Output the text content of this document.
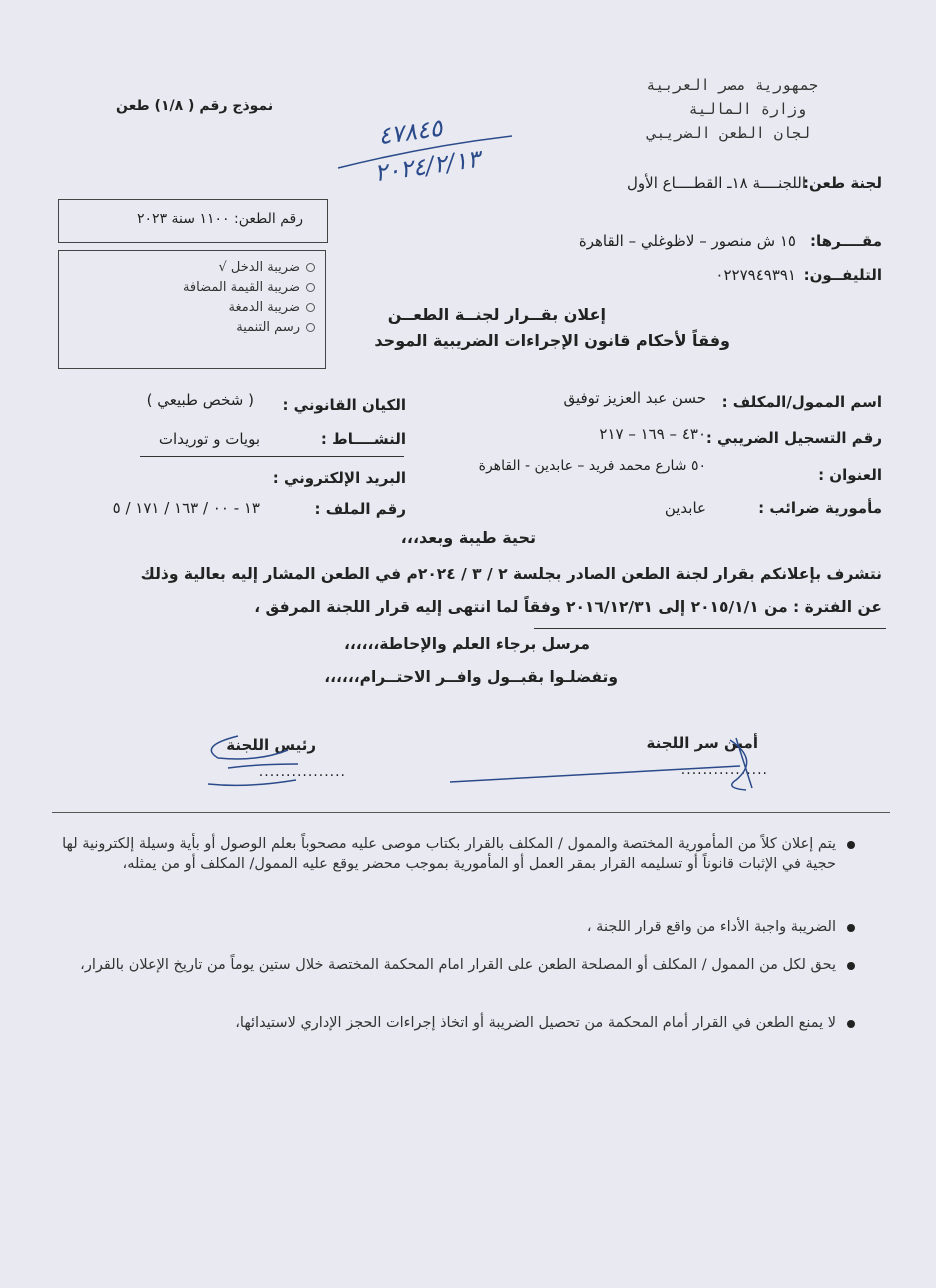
جمهورية مصر العربية
وزارة المالية
لجان الطعن الضريبي
نموذج رقم ( ١/٨) طعن
٤٧٨٤٥
٢٠٢٤/٢/١٣	لجنة طعن:
اللجنــــة ١٨ـ القطــــاع الأول
مقــــرها:
١٥ ش منصور – لاظوغلي – القاهرة
التليفــون:
٠٢٢٧٩٤٩٣٩١
رقم الطعن: ١١٠٠ سنة ٢٠٢٣
ضريبة الدخل √
ضريبة القيمة المضافة
ضريبة الدمغة
رسم التنمية
إعلان بقــرار لجنــة الطعــن
وفقاً لأحكام قانون الإجراءات الضريبية الموحد
اسم الممول/المكلف :
حسن عبد العزيز توفيق
رقم التسجيل الضريبي :
٤٣٠ – ١٦٩ – ٢١٧
العنوان :
٥٠ شارع محمد فريد – عابدين - القاهرة
مأمورية ضرائب :
عابدين
الكيان القانوني :
( شخص طبيعي )
النشــــاط :
بويات و توريدات
البريد الإلكتروني :
رقم الملف :
١٣ - ٠٠ / ١٦٣ / ١٧١ / ٥
تحية طيبة وبعد،،،
نتشرف بإعلانكم بقرار لجنة الطعن الصادر بجلسة ٢ / ٣ / ٢٠٢٤م في الطعن المشار إليه بعالية وذلك
عن الفترة : من ٢٠١٥/١/١ إلى ٢٠١٦/١٢/٣١ وفقاً لما انتهى إليه قرار اللجنة المرفق ،
مرسل برجاء العلم والإحاطة،،،،،،
وتفضلـوا بقبــول وافــر الاحتــرام،،،،،،
أمين سر اللجنة
................
رئيس اللجنة
................
يتم إعلان كلاً من المأمورية المختصة والممول / المكلف بالقرار بكتاب موصى عليه مصحوباً بعلم الوصول أو بأية وسيلة إلكترونية لها حجية في الإثبات قانوناً أو تسليمه القرار بمقر العمل أو المأمورية بموجب محضر يوقع عليه الممول/ المكلف أو من يمثله،
الضريبة واجبة الأداء من واقع قرار اللجنة ،
يحق لكل من الممول / المكلف أو المصلحة الطعن على القرار امام المحكمة المختصة خلال ستين يوماً من تاريخ الإعلان بالقرار،
لا يمنع الطعن في القرار أمام المحكمة من تحصيل الضريبة أو اتخاذ إجراءات الحجز الإداري لاستيدائها،
